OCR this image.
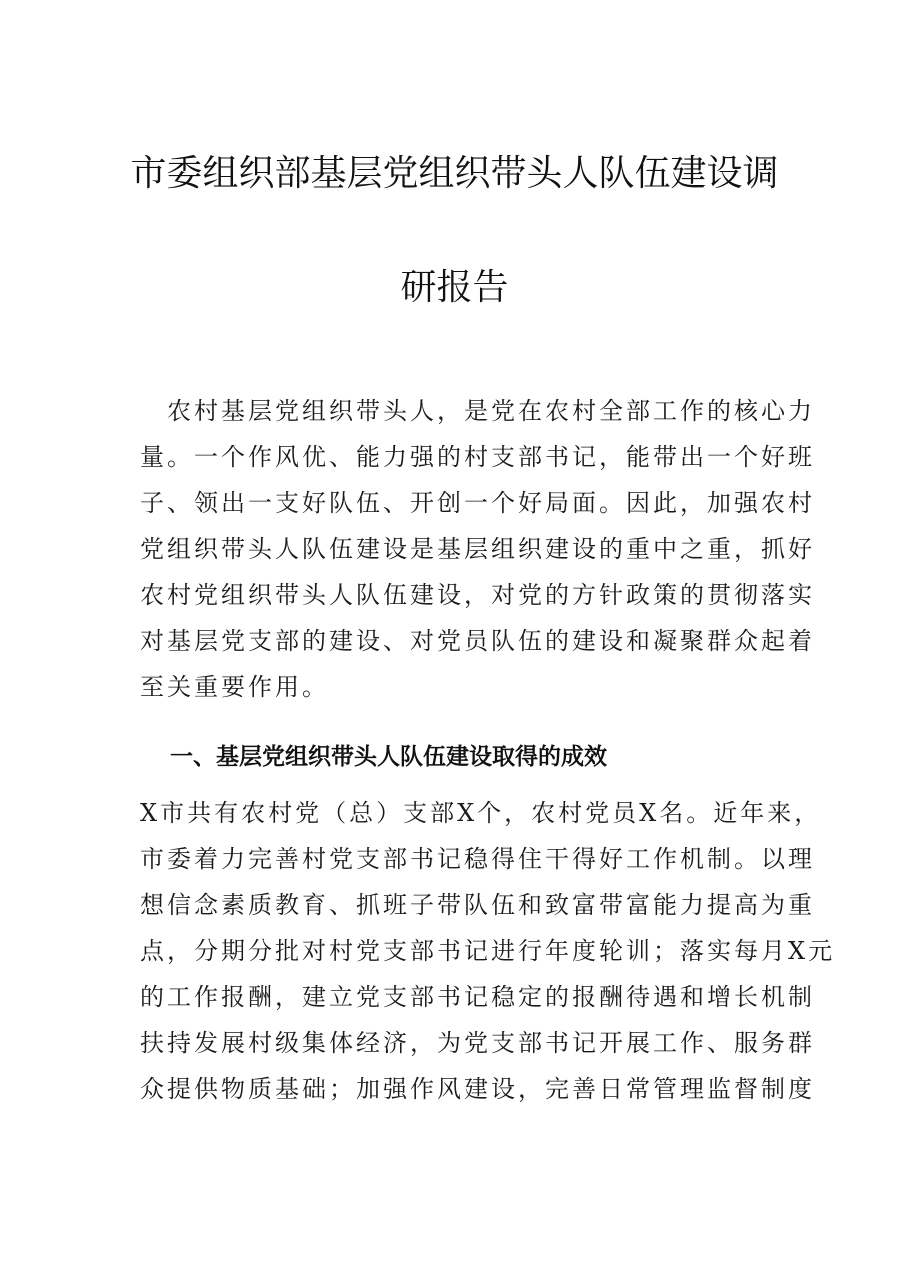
市委组织部基层党组织带头人队伍建设调
研报告
　农村基层党组织带头人，是党在农村全部工作的核心力
量。一个作风优、能力强的村支部书记，能带出一个好班
子、领出一支好队伍、开创一个好局面。因此，加强农村
党组织带头人队伍建设是基层组织建设的重中之重，抓好
农村党组织带头人队伍建设，对党的方针政策的贯彻落实
对基层党支部的建设、对党员队伍的建设和凝聚群众起着
至关重要作用。
一、基层党组织带头人队伍建设取得的成效
X市共有农村党（总）支部X个，农村党员X名。近年来，
市委着力完善村党支部书记稳得住干得好工作机制。以理
想信念素质教育、抓班子带队伍和致富带富能力提高为重
点，分期分批对村党支部书记进行年度轮训；落实每月X元
的工作报酬，建立党支部书记稳定的报酬待遇和增长机制
扶持发展村级集体经济，为党支部书记开展工作、服务群
众提供物质基础；加强作风建设，完善日常管理监督制度
